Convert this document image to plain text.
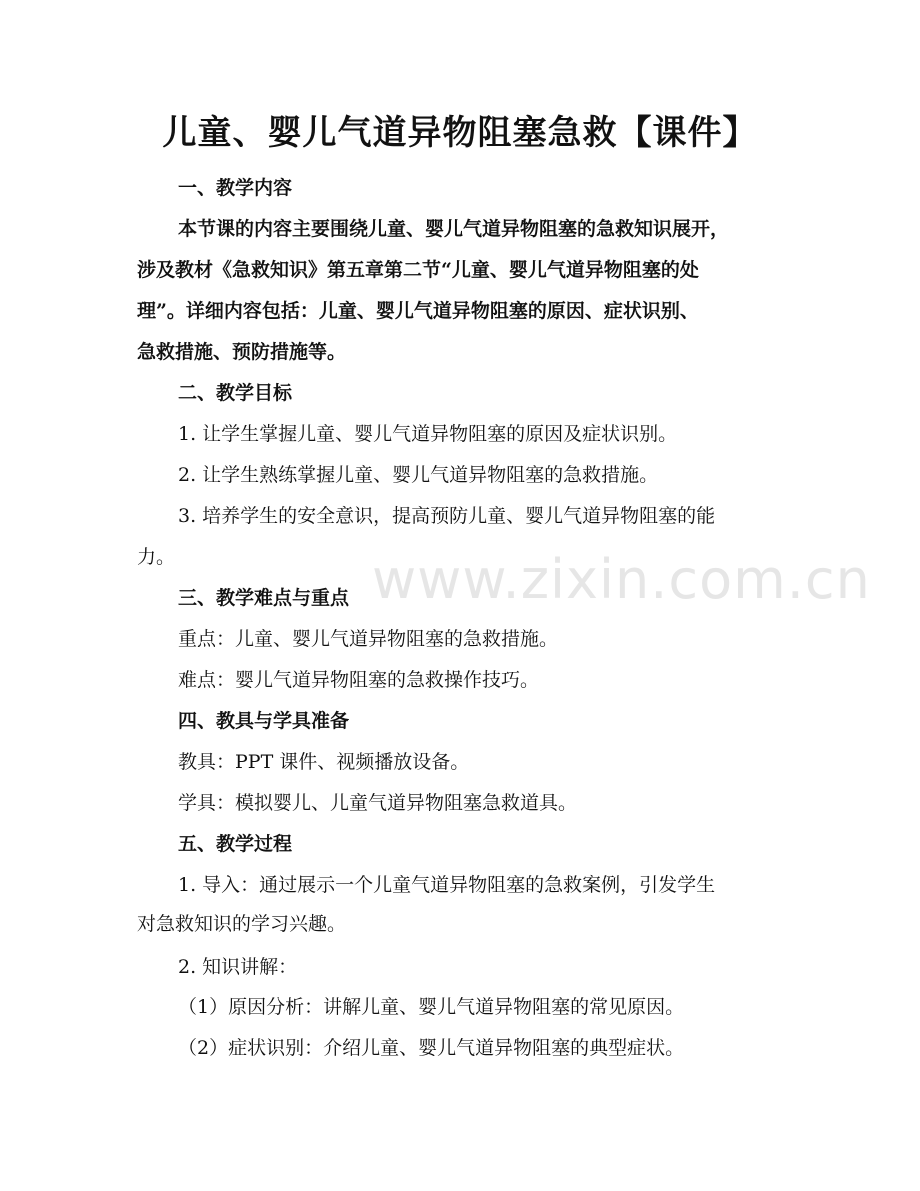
www.zixin.com.cn
儿童、婴儿气道异物阻塞急救【课件】
一、教学内容
本节课的内容主要围绕儿童、婴儿气道异物阻塞的急救知识展开，
涉及教材《急救知识》第五章第二节“儿童、婴儿气道异物阻塞的处
理”。详细内容包括：儿童、婴儿气道异物阻塞的原因、症状识别、
急救措施、预防措施等。
二、教学目标
1. 让学生掌握儿童、婴儿气道异物阻塞的原因及症状识别。
2. 让学生熟练掌握儿童、婴儿气道异物阻塞的急救措施。
3. 培养学生的安全意识，提高预防儿童、婴儿气道异物阻塞的能
力。
三、教学难点与重点
重点：儿童、婴儿气道异物阻塞的急救措施。
难点：婴儿气道异物阻塞的急救操作技巧。
四、教具与学具准备
教具：PPT 课件、视频播放设备。
学具：模拟婴儿、儿童气道异物阻塞急救道具。
五、教学过程
1. 导入：通过展示一个儿童气道异物阻塞的急救案例，引发学生
对急救知识的学习兴趣。
2. 知识讲解：
（1）原因分析：讲解儿童、婴儿气道异物阻塞的常见原因。
（2）症状识别：介绍儿童、婴儿气道异物阻塞的典型症状。
